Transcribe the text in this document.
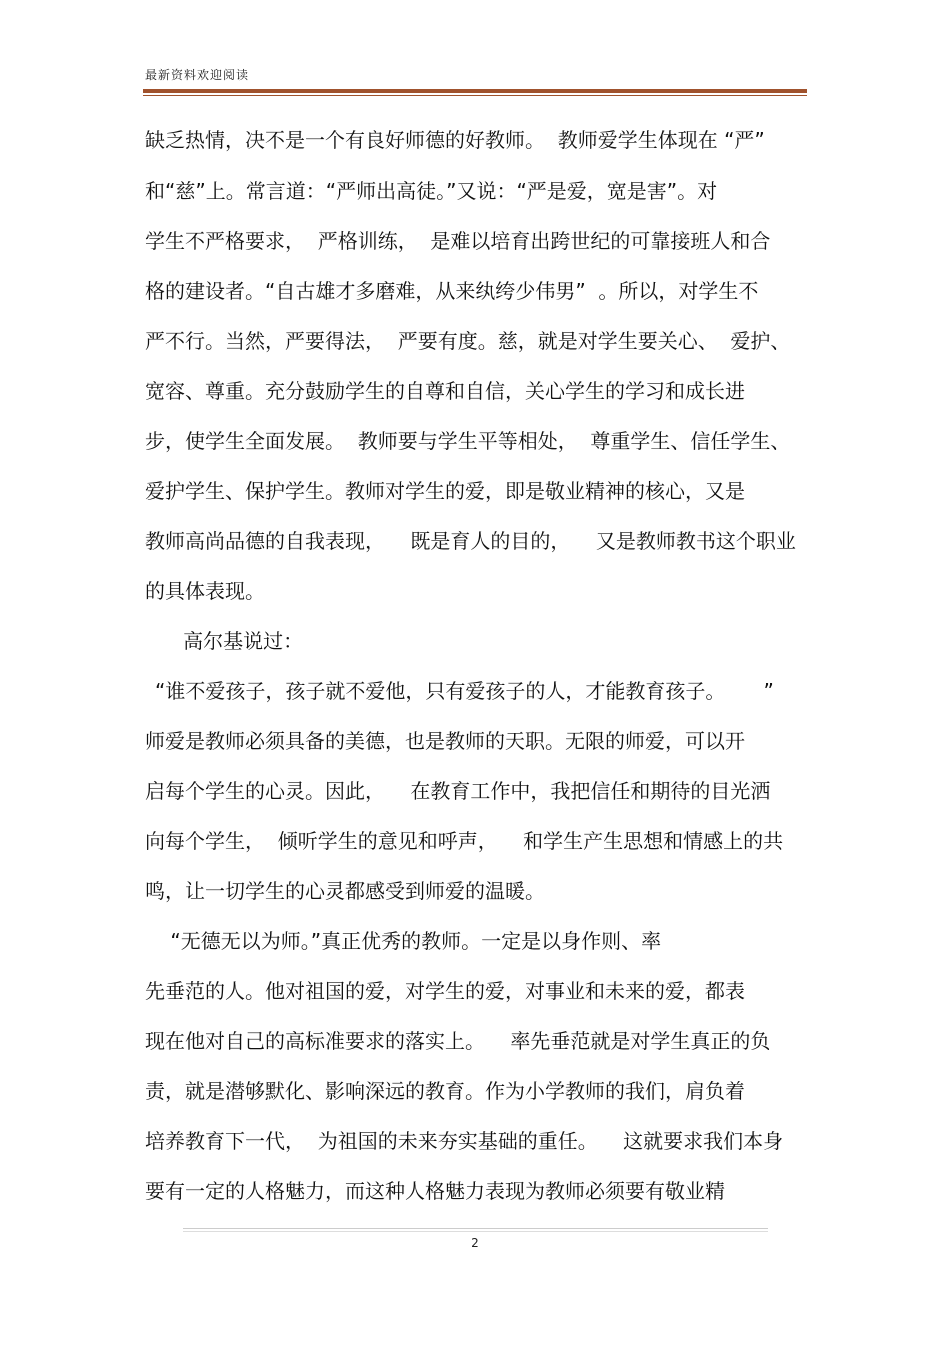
最新资料欢迎阅读
缺乏热情，决不是一个有良好师德的好教师。  教师爱学生体现在 “严”
和“慈”上。常言道：“严师出高徒。”又说：“严是爱，宽是害”。对
学生不严格要求，  严格训练，  是难以培育出跨世纪的可靠接班人和合
格的建设者。“自古雄才多磨难，从来纨绔少伟男”  。所以，对学生不
严不行。当然，严要得法，  严要有度。慈，就是对学生要关心、  爱护、
宽容、尊重。充分鼓励学生的自尊和自信，关心学生的学习和成长进
步，使学生全面发展。  教师要与学生平等相处，  尊重学生、信任学生、
爱护学生、保护学生。教师对学生的爱，即是敬业精神的核心，又是
教师高尚品德的自我表现，    既是育人的目的，    又是教师教书这个职业
的具体表现。
高尔基说过：
“谁不爱孩子，孩子就不爱他，只有爱孩子的人，才能教育孩子。      ”
师爱是教师必须具备的美德，也是教师的天职。无限的师爱，可以开
启每个学生的心灵。因此，    在教育工作中，我把信任和期待的目光洒
向每个学生，  倾听学生的意见和呼声，    和学生产生思想和情感上的共
鸣，让一切学生的心灵都感受到师爱的温暖。
“无德无以为师。”真正优秀的教师。一定是以身作则、率
先垂范的人。他对祖国的爱，对学生的爱，对事业和未来的爱，都表
现在他对自己的高标准要求的落实上。    率先垂范就是对学生真正的负
责，就是潜够默化、影响深远的教育。作为小学教师的我们，肩负着
培养教育下一代，  为祖国的未来夯实基础的重任。    这就要求我们本身
要有一定的人格魅力，而这种人格魅力表现为教师必须要有敬业精
2
